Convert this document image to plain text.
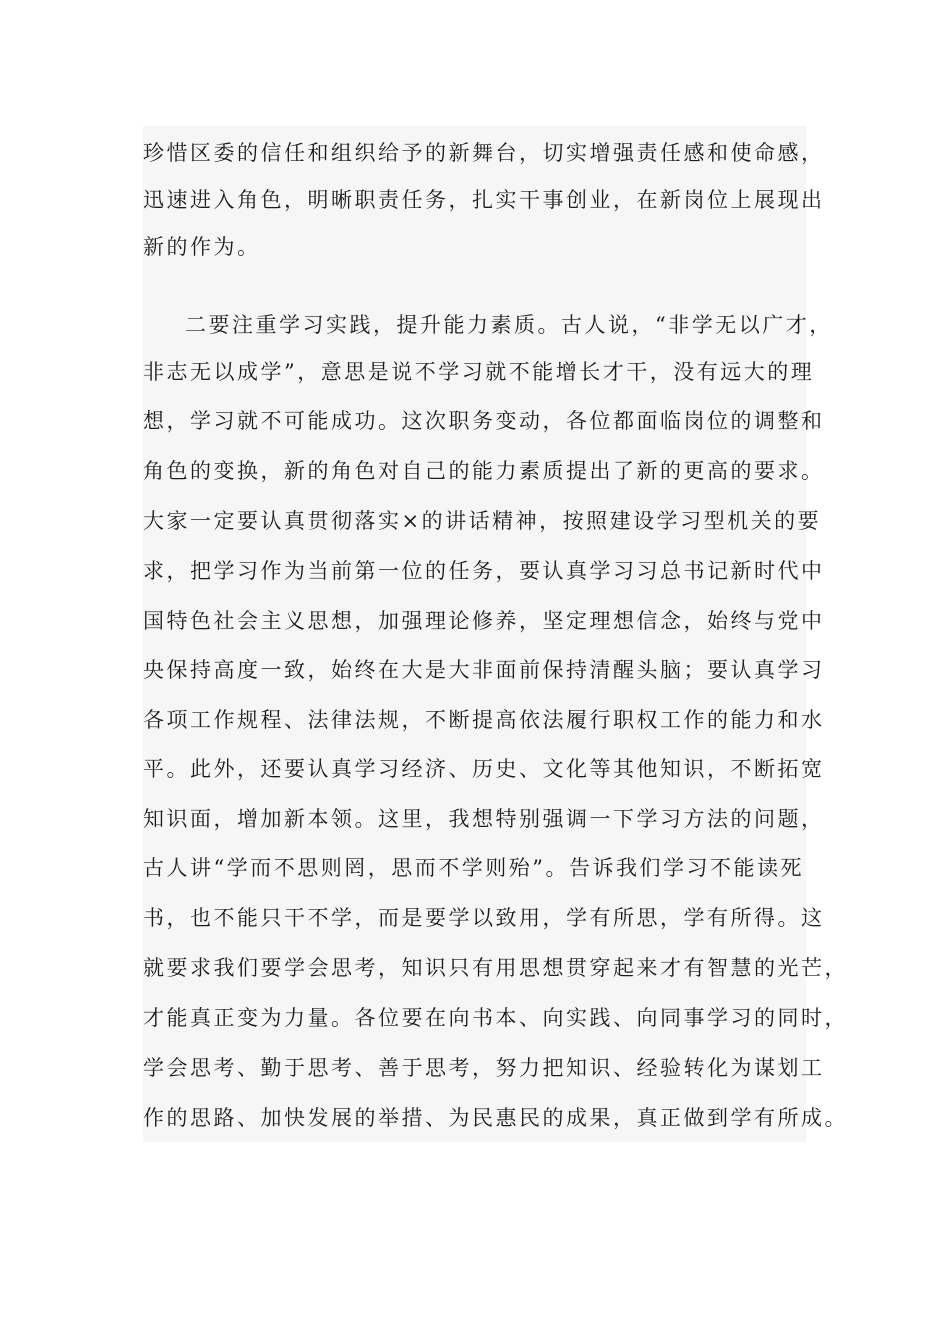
珍惜区委的信任和组织给予的新舞台，切实增强责任感和使命感，
迅速进入角色，明晰职责任务，扎实干事创业，在新岗位上展现出
新的作为。
二要注重学习实践，提升能力素质。古人说，“非学无以广才，
非志无以成学”，意思是说不学习就不能增长才干，没有远大的理
想，学习就不可能成功。这次职务变动，各位都面临岗位的调整和
角色的变换，新的角色对自己的能力素质提出了新的更高的要求。
大家一定要认真贯彻落实×的讲话精神，按照建设学习型机关的要
求，把学习作为当前第一位的任务，要认真学习习总书记新时代中
国特色社会主义思想，加强理论修养，坚定理想信念，始终与党中
央保持高度一致，始终在大是大非面前保持清醒头脑；要认真学习
各项工作规程、法律法规，不断提高依法履行职权工作的能力和水
平。此外，还要认真学习经济、历史、文化等其他知识，不断拓宽
知识面，增加新本领。这里，我想特别强调一下学习方法的问题，
古人讲“学而不思则罔，思而不学则殆”。告诉我们学习不能读死
书，也不能只干不学，而是要学以致用，学有所思，学有所得。这
就要求我们要学会思考，知识只有用思想贯穿起来才有智慧的光芒，
才能真正变为力量。各位要在向书本、向实践、向同事学习的同时，
学会思考、勤于思考、善于思考，努力把知识、经验转化为谋划工
作的思路、加快发展的举措、为民惠民的成果，真正做到学有所成。
